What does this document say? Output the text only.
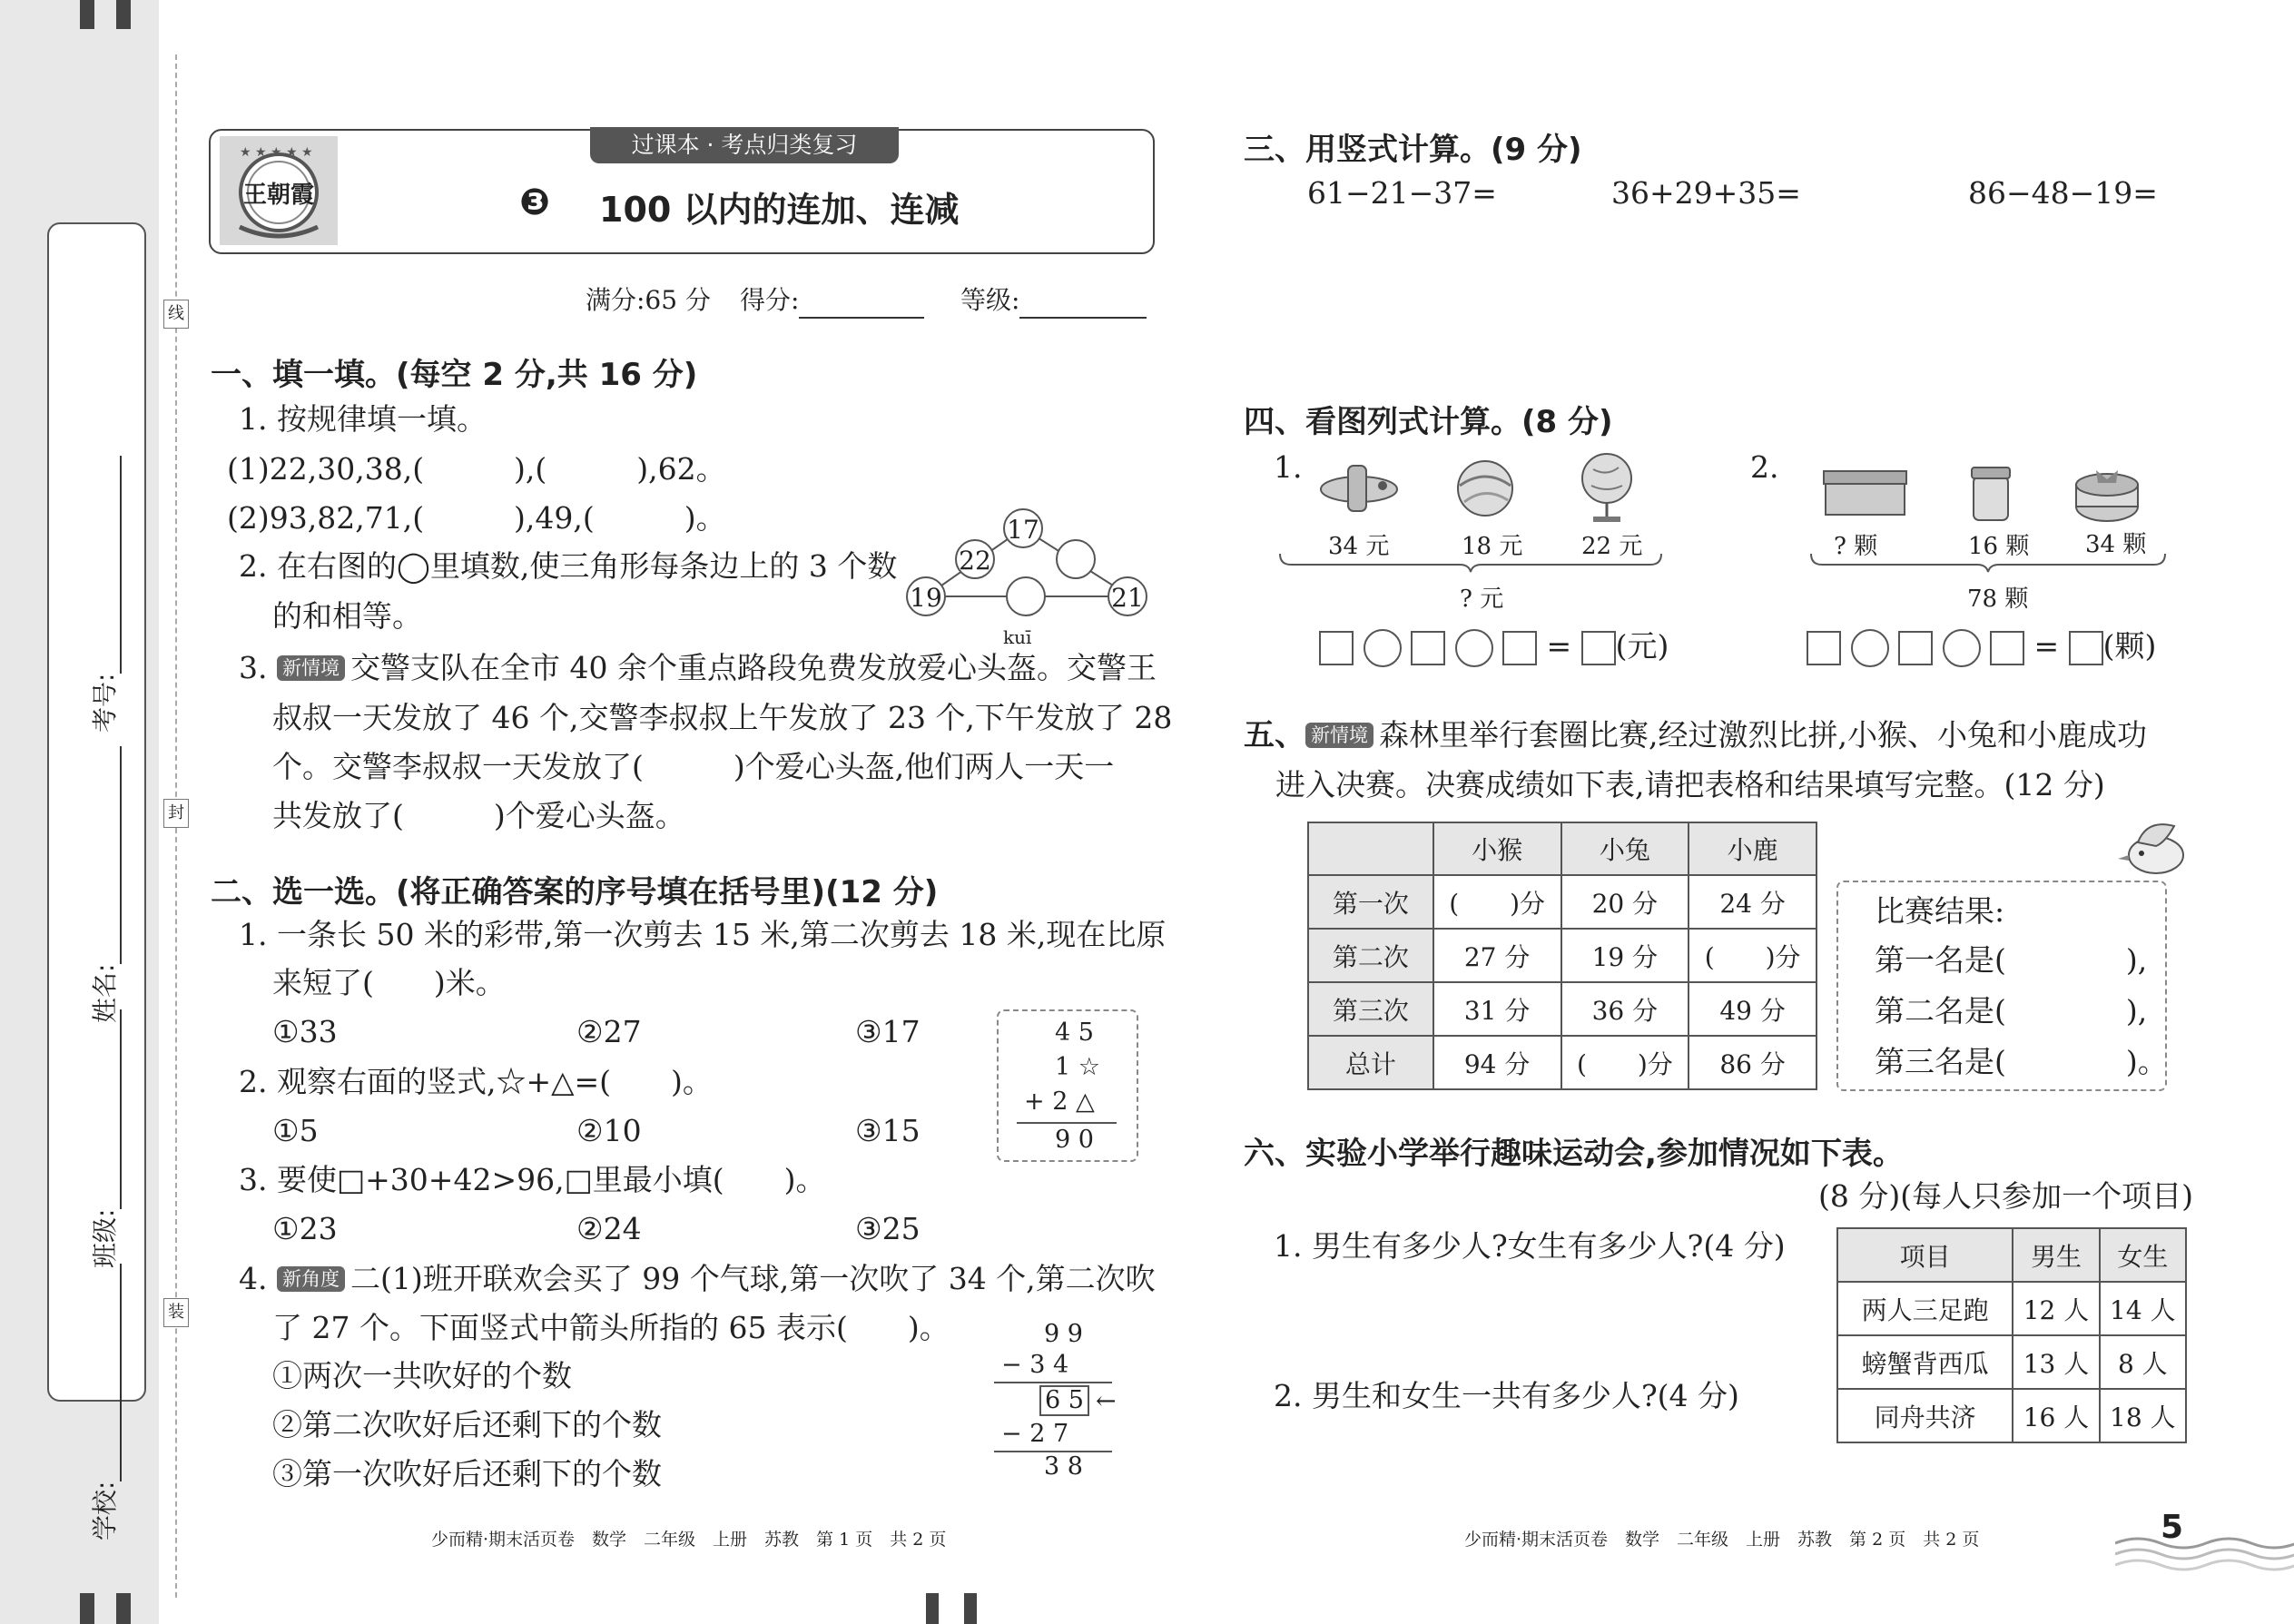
考号:
姓名:
班级:
学校:
线
封
装
★ ★ ★ ★ ★
王朝霞
过课本 · 考点归类复习
❸ 100 以内的连加、连减
满分:65 分 得分:	等级:
一、填一填。(每空 2 分,共 16 分)
1. 按规律填一填。
(1)22,30,38,(　　　),(　　　),62。
(2)93,82,71,(　　　),49,(　　　)。
2. 在右图的◯里填数,使三角形每条边上的 3 个数
的和相等。
17
22
19	21
kuī
3. 新情境 交警支队在全市 40 余个重点路段免费发放爱心头盔。交警王
叔叔一天发放了 46 个,交警李叔叔上午发放了 23 个,下午发放了 28
个。交警李叔叔一天发放了(　　　)个爱心头盔,他们两人一天一
共发放了(　　　)个爱心头盔。
二、选一选。(将正确答案的序号填在括号里)(12 分)
1. 一条长 50 米的彩带,第一次剪去 15 米,第二次剪去 18 米,现在比原
来短了(　　)米。
①33	②27	③17
2. 观察右面的竖式,☆+△=(　　)。
①5	②10	③15
4 5
1 ☆
+ 2 △
9 0
3. 要使□+30+42>96,□里最小填(　　)。
①23	②24	③25
4. 新角度 二(1)班开联欢会买了 99 个气球,第一次吹了 34 个,第二次吹
了 27 个。下面竖式中箭头所指的 65 表示(　　)。
①两次一共吹好的个数
②第二次吹好后还剩下的个数
③第一次吹好后还剩下的个数
9 9
− 3 4
6 5 ←
− 2 7
3 8
少而精·期末活页卷　数学　二年级　上册　苏教　第 1 页　共 2 页
三、用竖式计算。(9 分)
61−21−37=	36+29+35=	86−48−19=
四、看图列式计算。(8 分)
1.
34 元	18 元 22 元
? 元
= (元)
2.
? 颗	16 颗 34 颗
78 颗
= (颗)
五、 新情境 森林里举行套圈比赛,经过激烈比拼,小猴、小兔和小鹿成功
进入决赛。决赛成绩如下表,请把表格和结果填写完整。(12 分)
	小猴	小兔	小鹿
第一次	(　　)分	20 分	24 分
第二次	27 分	19 分	(　　)分
第三次	31 分	36 分	49 分
总计	94 分	(　　)分	86 分
比赛结果:
第一名是(　　　　),
第二名是(　　　　),
第三名是(　　　　)。
六、实验小学举行趣味运动会,参加情况如下表。
(8 分)(每人只参加一个项目)
1. 男生有多少人?女生有多少人?(4 分)
2. 男生和女生一共有多少人?(4 分)
项目	男生	女生
两人三足跑	12 人	14 人
螃蟹背西瓜	13 人	8 人
同舟共济	16 人	18 人
少而精·期末活页卷　数学　二年级　上册　苏教　第 2 页　共 2 页	5
